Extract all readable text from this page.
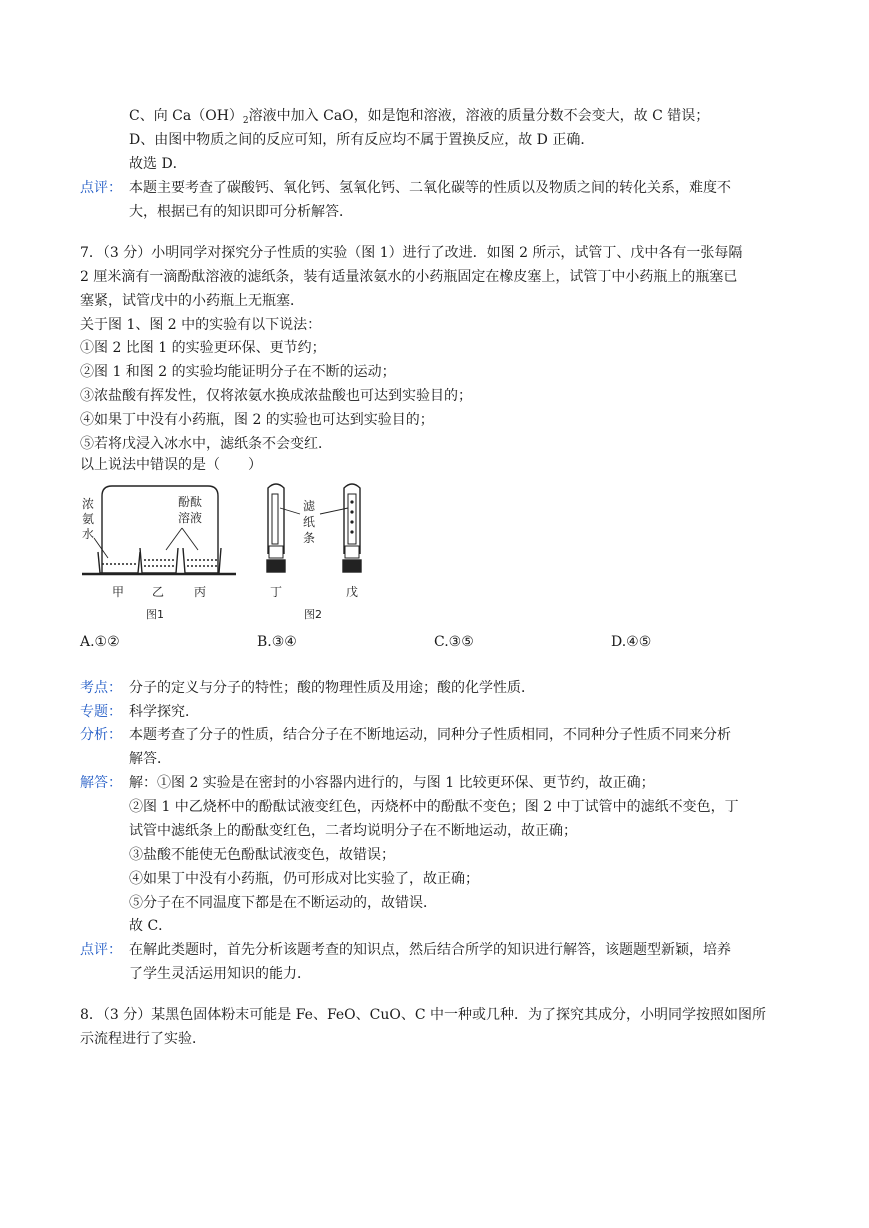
C、向 $Ca(OH)_2$溶液中加入 CaO，如是饱和溶液，溶液的质量分数不会变大，故 C 错误；
D、由图中物质之间的反应可知，所有反应均不属于置换反应，故 D 正确．
故选 D．
点评： 本题主要考查了碳酸钙、氧化钙、氢氧化钙、二氧化碳等的性质以及物质之间的转化关系，难度不
大，根据已有的知识即可分析解答．
7．（3 分）小明同学对探究分子性质的实验（图 1）进行了改进．如图 2 所示，试管丁、戊中各有一张每隔
2 厘米滴有一滴酚酞溶液的滤纸条，装有适量浓氨水的小药瓶固定在橡皮塞上，试管丁中小药瓶上的瓶塞已
塞紧，试管戊中的小药瓶上无瓶塞．
关于图 1、图 2 中的实验有以下说法：
①图 2 比图 1 的实验更环保、更节约；
②图 1 和图 2 的实验均能证明分子在不断的运动；
③浓盐酸有挥发性，仅将浓氨水换成浓盐酸也可达到实验目的；
④如果丁中没有小药瓶，图 2 的实验也可达到实验目的；
⑤若将戊浸入冰水中，滤纸条不会变红．
以上说法中错误的是（　　）
浓
氨
水
酚酞
溶液
甲 乙 丙
图1
滤
纸
条
丁	戊
图2
A.①②	B.③④	C.③⑤	D.④⑤
考点： 分子的定义与分子的特性；酸的物理性质及用途；酸的化学性质．
专题： 科学探究．
分析： 本题考查了分子的性质，结合分子在不断地运动，同种分子性质相同，不同种分子性质不同来分析
解答．
解答： 解：①图 2 实验是在密封的小容器内进行的，与图 1 比较更环保、更节约，故正确；
②图 1 中乙烧杯中的酚酞试液变红色，丙烧杯中的酚酞不变色；图 2 中丁试管中的滤纸不变色，丁
试管中滤纸条上的酚酞变红色，二者均说明分子在不断地运动，故正确；
③盐酸不能使无色酚酞试液变色，故错误；
④如果丁中没有小药瓶，仍可形成对比实验了，故正确；
⑤分子在不同温度下都是在不断运动的，故错误．
故 C．
点评： 在解此类题时，首先分析该题考查的知识点，然后结合所学的知识进行解答，该题题型新颖，培养
了学生灵活运用知识的能力．
8．（3 分）某黑色固体粉末可能是 Fe、FeO、CuO、C 中一种或几种．为了探究其成分，小明同学按照如图所
示流程进行了实验．
